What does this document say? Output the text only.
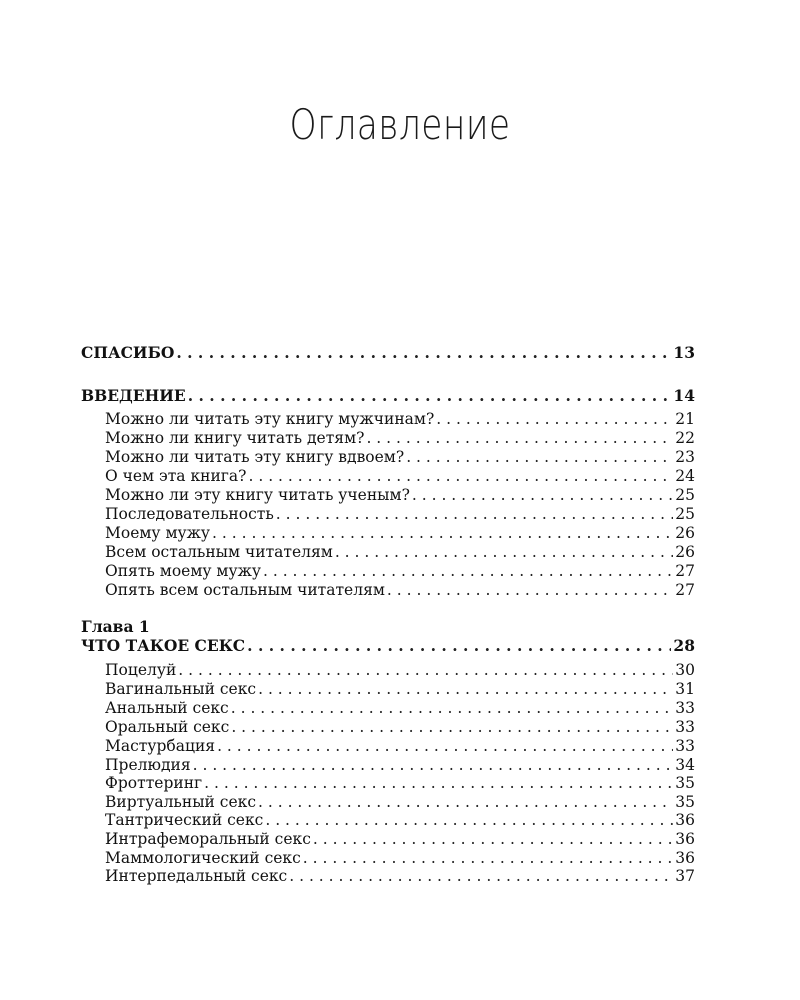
Оглавление
СПАСИБО . . .	13
ВВЕДЕНИЕ . . .	14
Можно ли читать эту книгу мужчинам? . . .	21
Можно ли книгу читать детям? . . .	22
Можно ли читать эту книгу вдвоем? . . .	23
О чем эта книга? . . .	24
Можно ли эту книгу читать ученым? . . .	25
Последовательность . . .	25
Моему мужу . . .	26
Всем остальным читателям . . .	26
Опять моему мужу . . .	27
Опять всем остальным читателям . . .	27
Глава 1
ЧТО ТАКОЕ СЕКС . . .	28
Поцелуй . . .	30
Вагинальный секс . . .	31
Анальный секс . . .	33
Оральный секс . . .	33
Мастурбация . . .	33
Прелюдия . . .	34
Фроттеринг . . .	35
Виртуальный секс . . .	35
Тантрический секс . . .	36
Интрафеморальный секс . . .	36
Маммологический секс . . .	36
Интерпедальный секс . . .	37
